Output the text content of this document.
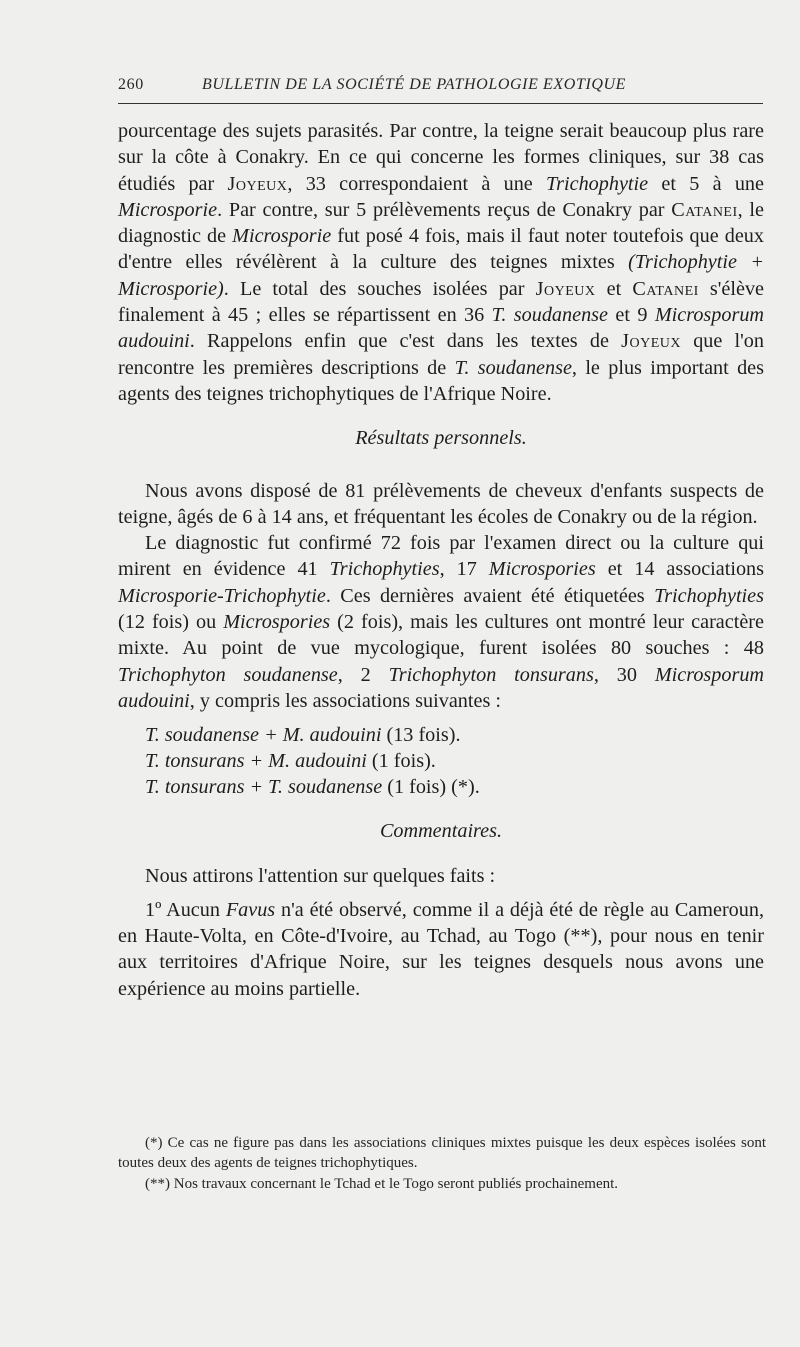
260	BULLETIN DE LA SOCIÉTÉ DE PATHOLOGIE EXOTIQUE

pourcentage des sujets parasités. Par contre, la teigne serait beaucoup plus rare sur la côte à Conakry. En ce qui concerne les formes cliniques, sur 38 cas étudiés par Joyeux, 33 correspondaient à une Trichophytie et 5 à une Microsporie. Par contre, sur 5 prélèvements reçus de Conakry par Catanei, le diagnostic de Microsporie fut posé 4 fois, mais il faut noter toutefois que deux d'entre elles révélèrent à la culture des teignes mixtes (Trichophytie + Microsporie). Le total des souches isolées par Joyeux et Catanei s'élève finalement à 45 ; elles se répartissent en 36 T. soudanense et 9 Microsporum audouini. Rappelons enfin que c'est dans les textes de Joyeux que l'on rencontre les premières descriptions de T. soudanense, le plus important des agents des teignes trichophytiques de l'Afrique Noire.

Résultats personnels.

Nous avons disposé de 81 prélèvements de cheveux d'enfants suspects de teigne, âgés de 6 à 14 ans, et fréquentant les écoles de Conakry ou de la région.

Le diagnostic fut confirmé 72 fois par l'examen direct ou la culture qui mirent en évidence 41 Trichophyties, 17 Microspories et 14 associations Microsporie-Trichophytie. Ces dernières avaient été étiquetées Trichophyties (12 fois) ou Microspories (2 fois), mais les cultures ont montré leur caractère mixte. Au point de vue mycologique, furent isolées 80 souches : 48 Trichophyton soudanense, 2 Trichophyton tonsurans, 30 Microsporum audouini, y compris les associations suivantes :

T. soudanense + M. audouini (13 fois).
T. tonsurans + M. audouini (1 fois).
T. tonsurans + T. soudanense (1 fois) (*).

Commentaires.

Nous attirons l'attention sur quelques faits :

1º Aucun Favus n'a été observé, comme il a déjà été de règle au Cameroun, en Haute-Volta, en Côte-d'Ivoire, au Tchad, au Togo (**), pour nous en tenir aux territoires d'Afrique Noire, sur les teignes desquels nous avons une expérience au moins partielle.

(*) Ce cas ne figure pas dans les associations cliniques mixtes puisque les deux espèces isolées sont toutes deux des agents de teignes trichophytiques.

(**) Nos travaux concernant le Tchad et le Togo seront publiés prochainement.
